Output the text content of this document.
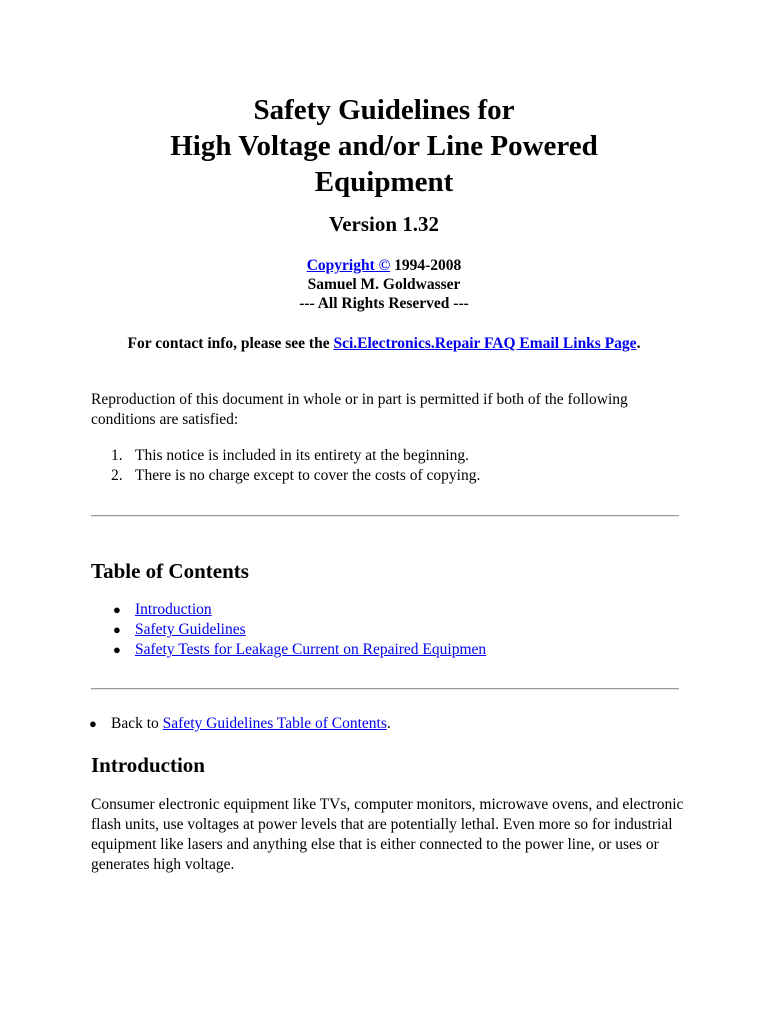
Safety Guidelines for
High Voltage and/or Line Powered
Equipment
Version 1.32
Copyright © 1994-2008
Samuel M. Goldwasser
--- All Rights Reserved ---
For contact info, please see the Sci.Electronics.Repair FAQ Email Links Page.

Reproduction of this document in whole or in part is permitted if both of the following conditions are satisfied:

1. This notice is included in its entirety at the beginning.
2. There is no charge except to cover the costs of copying.
Table of Contents
● Introduction
● Safety Guidelines
● Safety Tests for Leakage Current on Repaired Equipmen
● Back to Safety Guidelines Table of Contents.
Introduction

Consumer electronic equipment like TVs, computer monitors, microwave ovens, and electronic flash units, use voltages at power levels that are potentially lethal. Even more so for industrial equipment like lasers and anything else that is either connected to the power line, or uses or generates high voltage.
